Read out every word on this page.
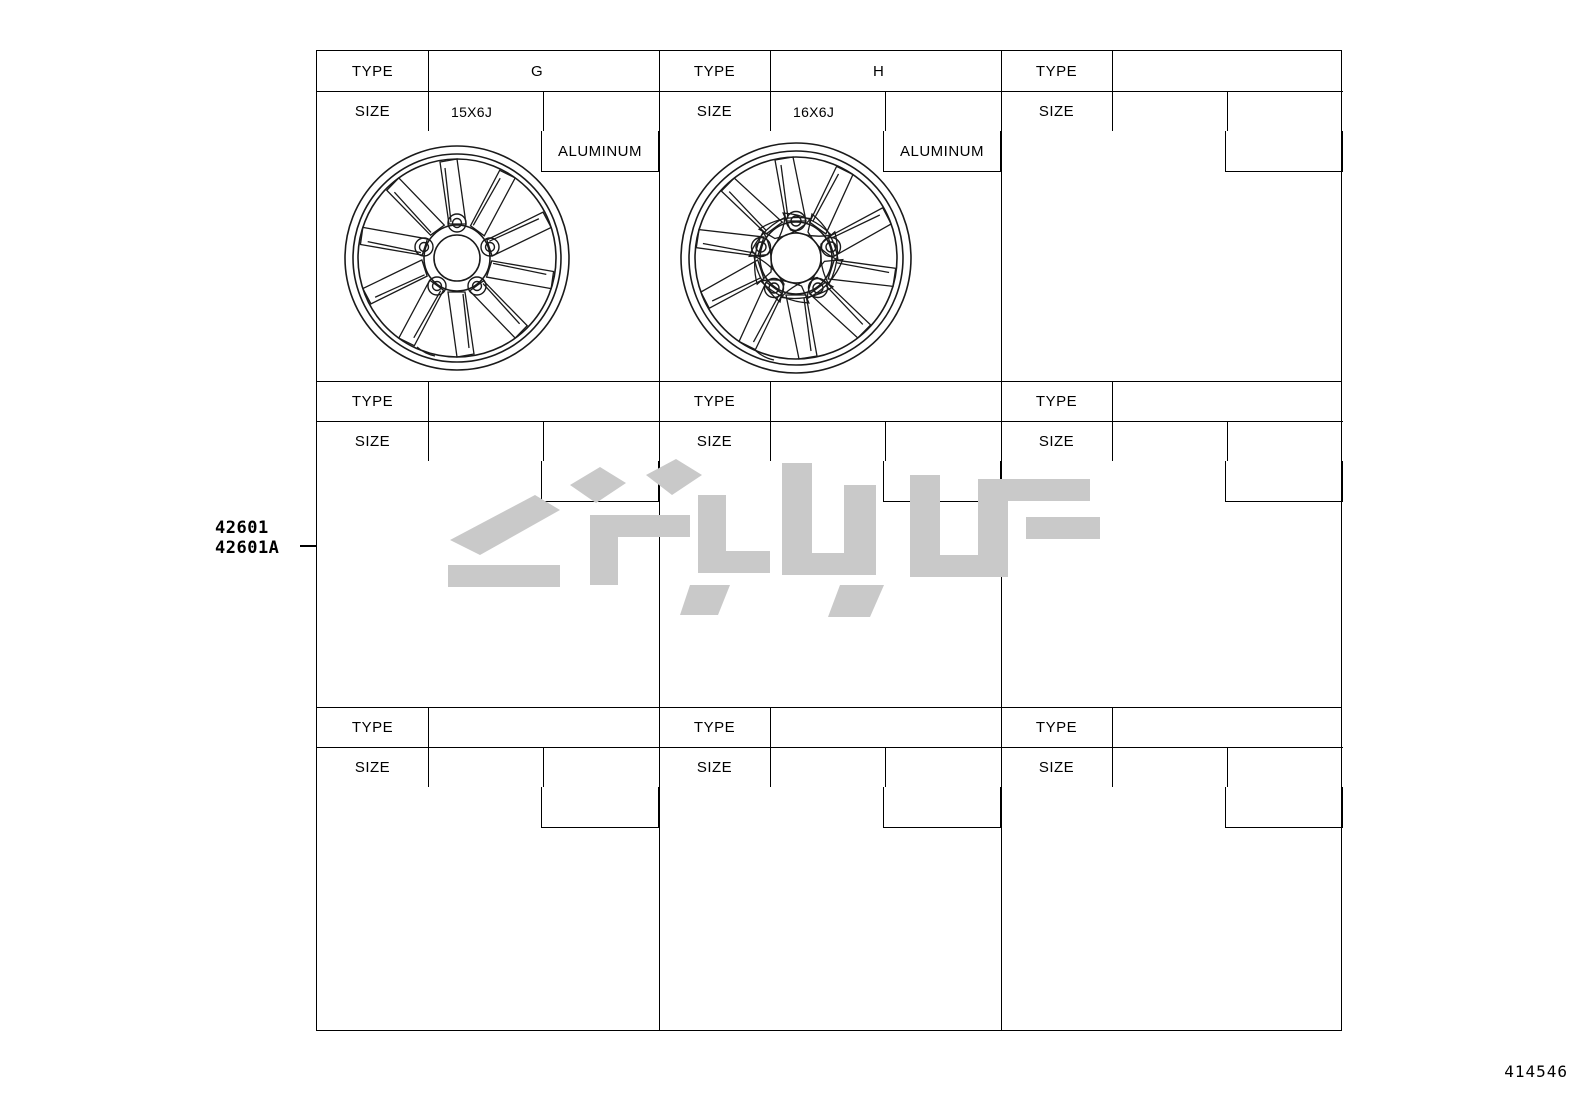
42601
42601A
TYPE	G
SIZE	15X6J
ALUMINUM
TYPE	H
SIZE	16X6J
ALUMINUM
TYPE
SIZE
TYPE
SIZE
TYPE
SIZE
TYPE
SIZE
TYPE
SIZE
TYPE
SIZE
TYPE
SIZE
414546
